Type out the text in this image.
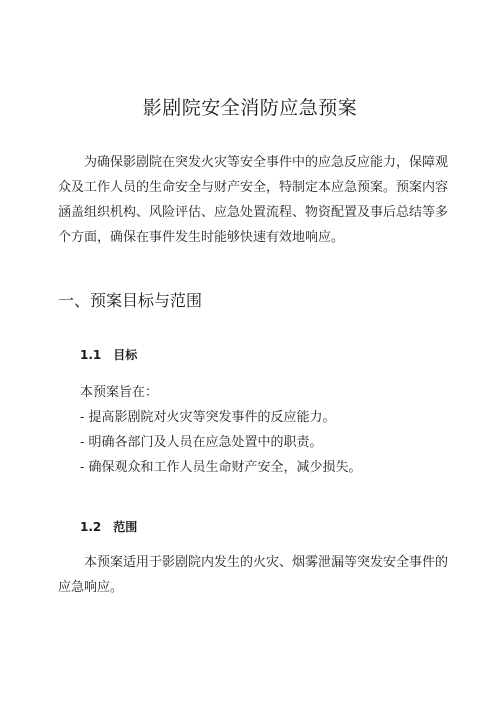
影剧院安全消防应急预案

为确保影剧院在突发火灾等安全事件中的应急反应能力，保障观众及工作人员的生命安全与财产安全，特制定本应急预案。预案内容涵盖组织机构、风险评估、应急处置流程、物资配置及事后总结等多个方面，确保在事件发生时能够快速有效地响应。

一、预案目标与范围
1.1 目标
本预案旨在：
- 提高影剧院对火灾等突发事件的反应能力。
- 明确各部门及人员在应急处置中的职责。
- 确保观众和工作人员生命财产安全，减少损失。
1.2 范围

本预案适用于影剧院内发生的火灾、烟雾泄漏等突发安全事件的应急响应。
